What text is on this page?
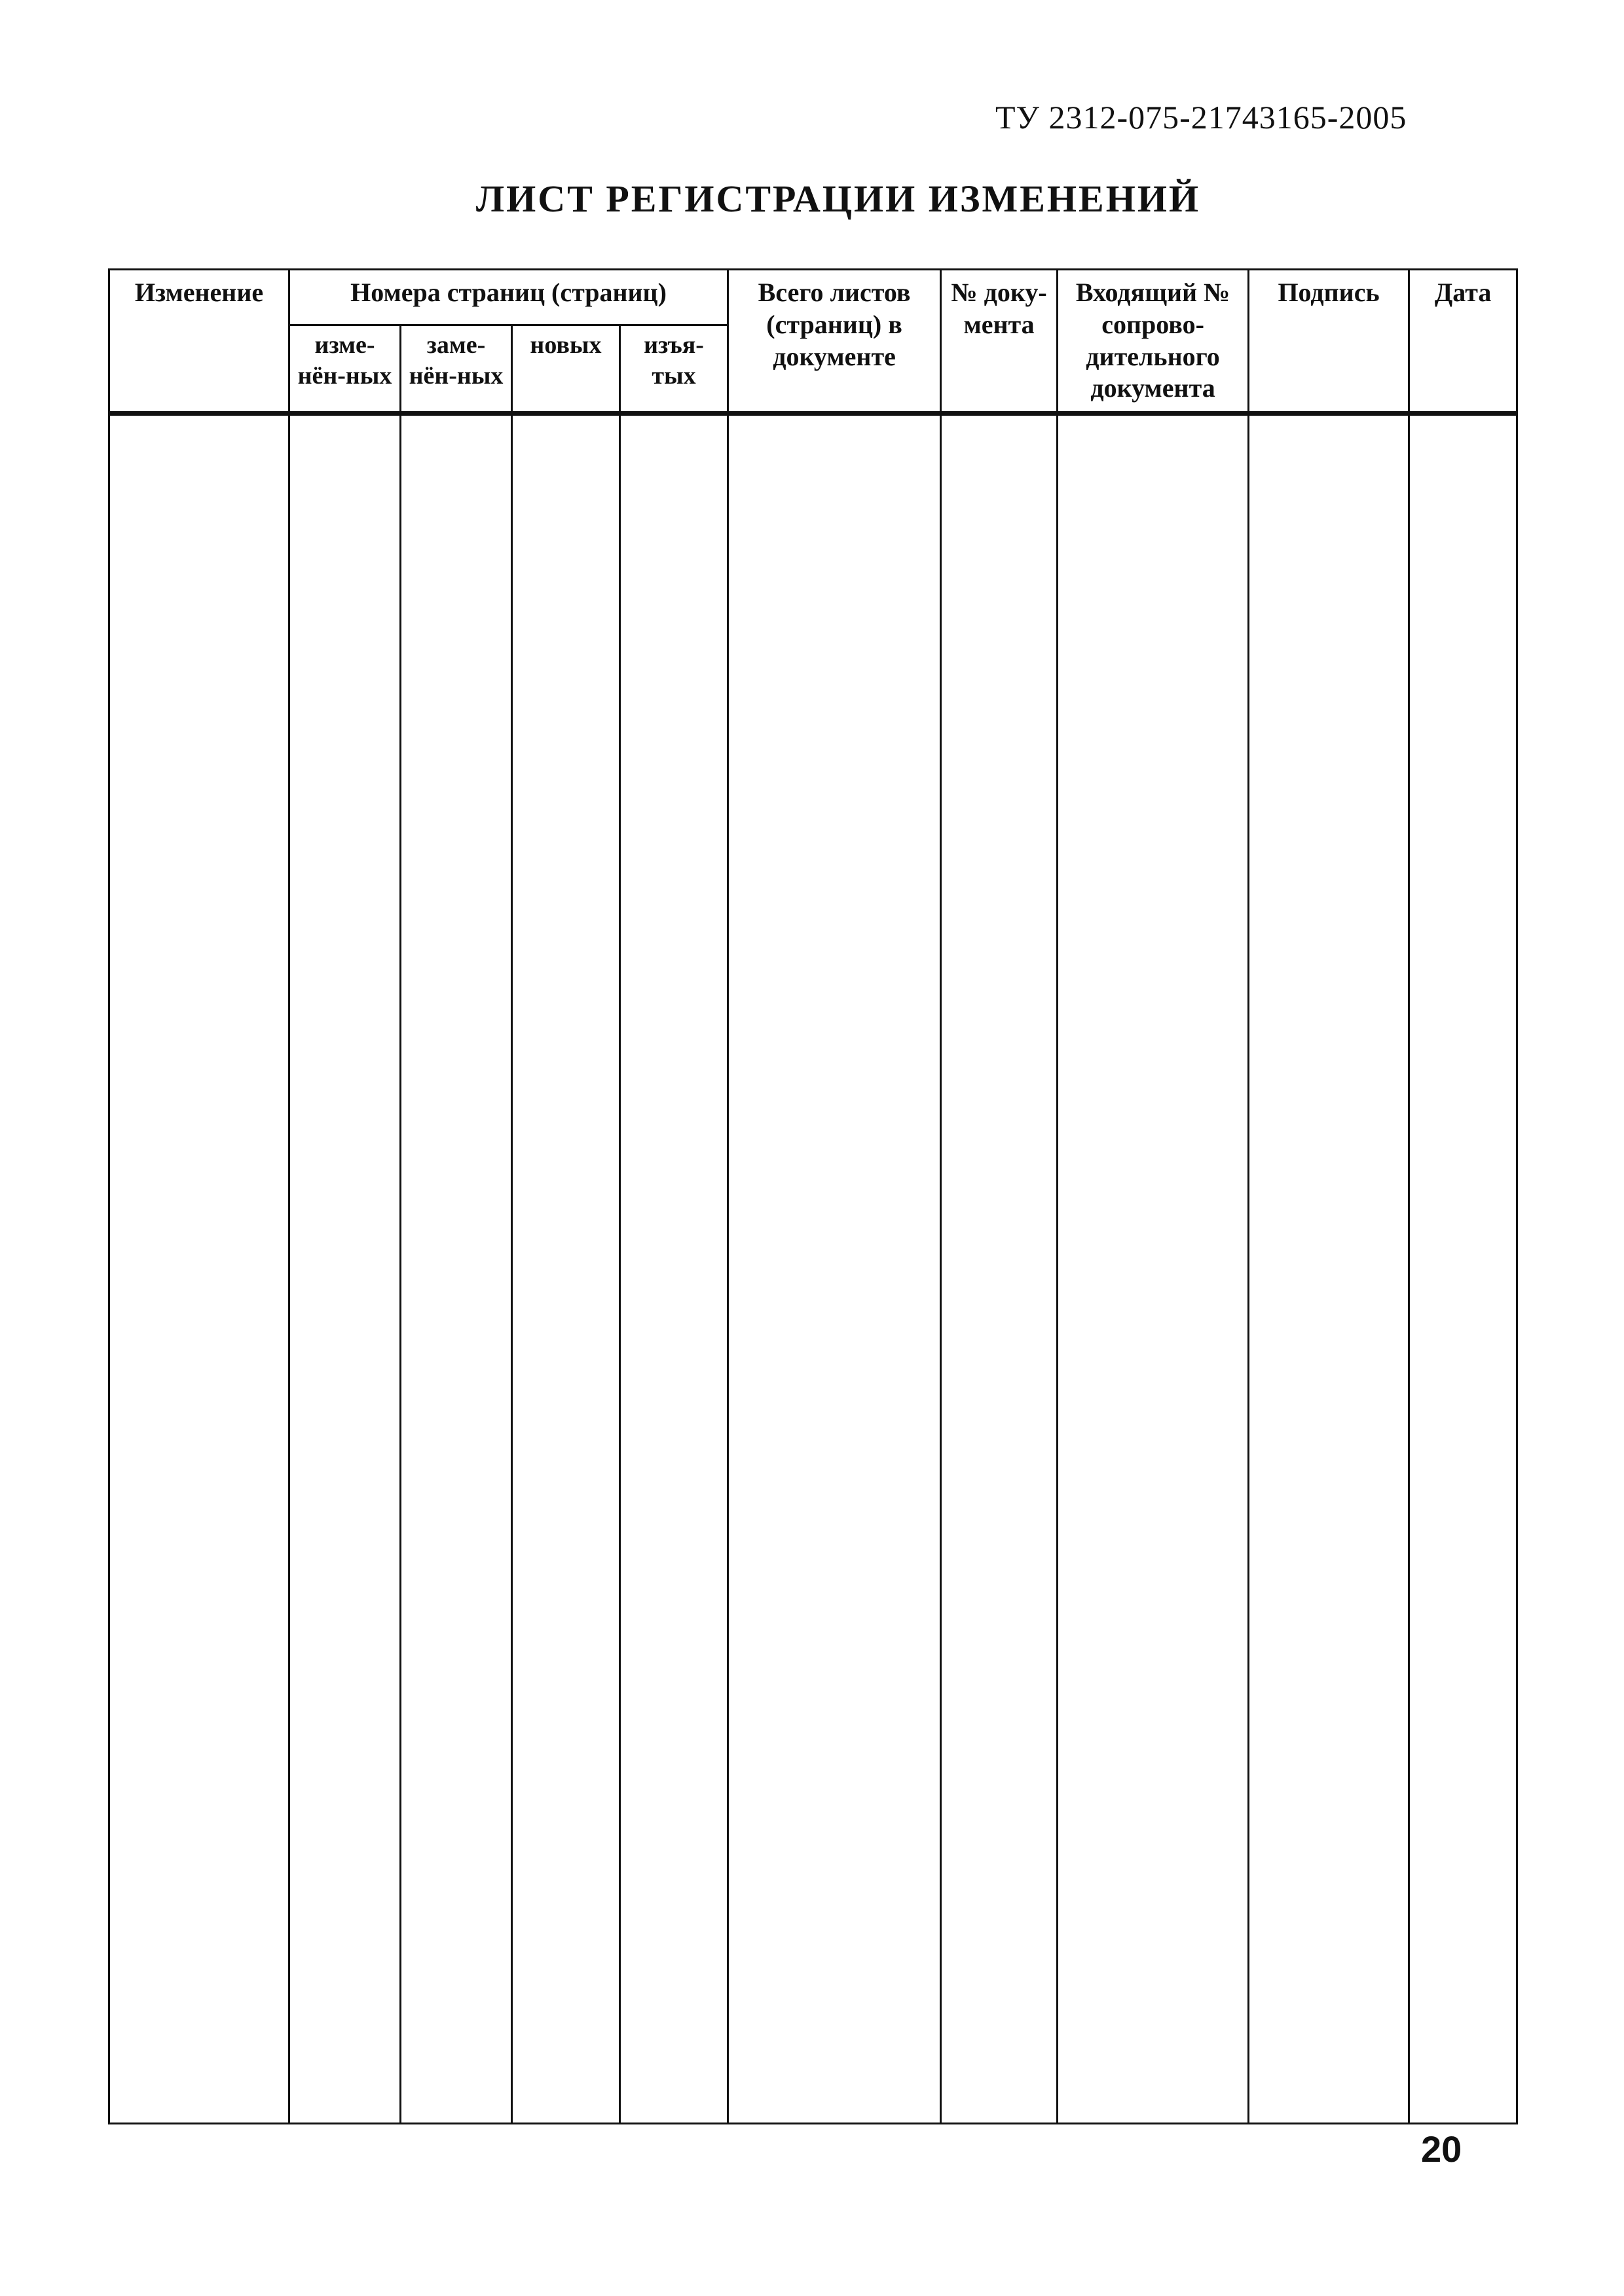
ТУ 2312-075-21743165-2005
ЛИСТ РЕГИСТРАЦИИ ИЗМЕНЕНИЙ
Изменение	Номера страниц (страниц)				Всего листов (страниц) в документе	№ доку-мента	Входящий № сопрово-дительного документа	Подпись	Дата
	изме-нён-ных	заме-нён-ных	новых	изъя-тых					

20
